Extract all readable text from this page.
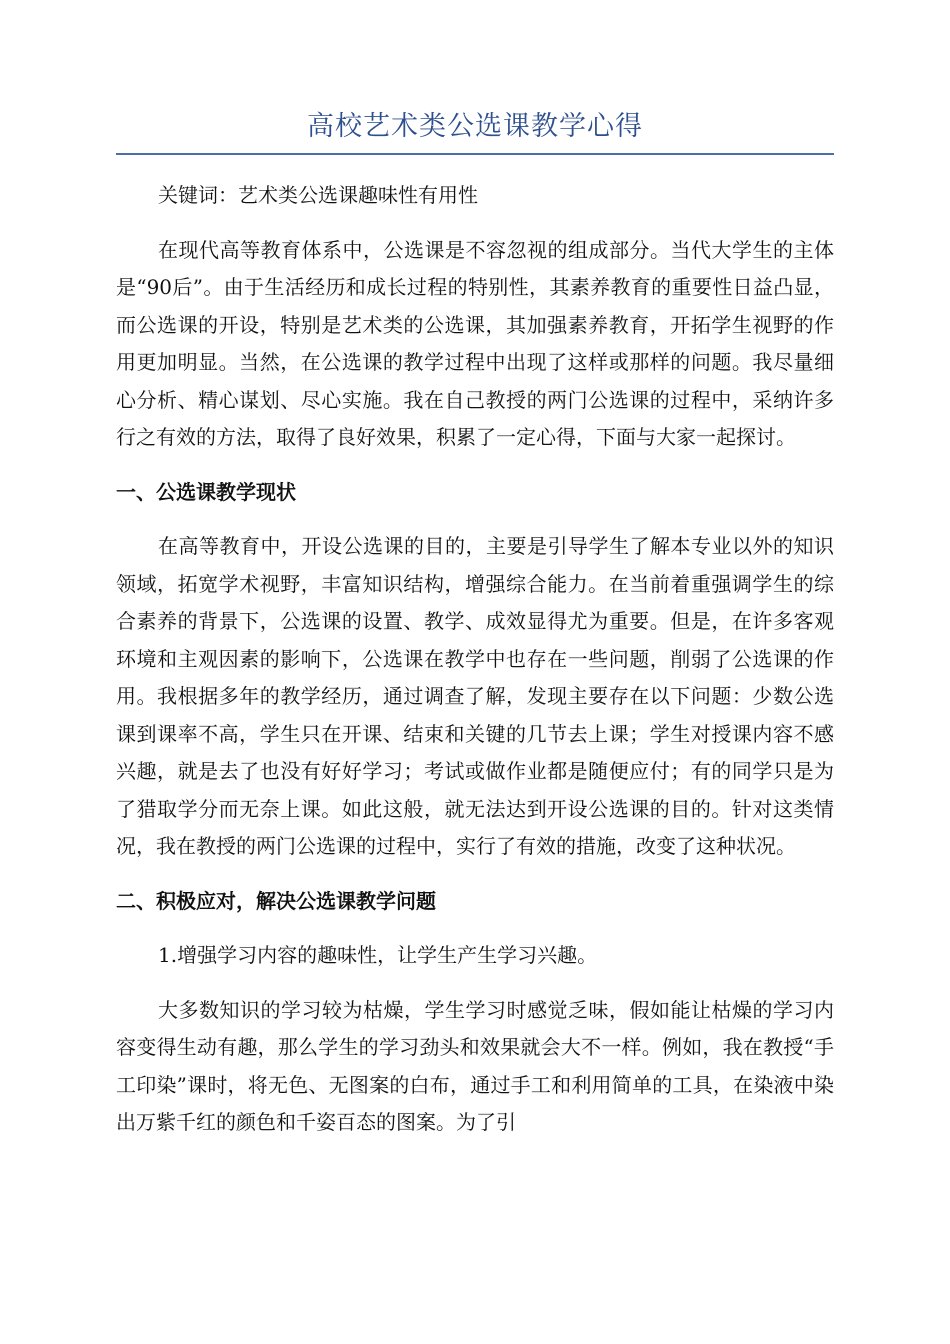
高校艺术类公选课教学心得

关键词：艺术类公选课趣味性有用性

在现代高等教育体系中，公选课是不容忽视的组成部分。当代大学生的主体是“90后”。由于生活经历和成长过程的特别性，其素养教育的重要性日益凸显，而公选课的开设，特别是艺术类的公选课，其加强素养教育，开拓学生视野的作用更加明显。当然，在公选课的教学过程中出现了这样或那样的问题。我尽量细心分析、精心谋划、尽心实施。我在自己教授的两门公选课的过程中，采纳许多行之有效的方法，取得了良好效果，积累了一定心得，下面与大家一起探讨。

一、公选课教学现状

在高等教育中，开设公选课的目的，主要是引导学生了解本专业以外的知识领域，拓宽学术视野，丰富知识结构，增强综合能力。在当前着重强调学生的综合素养的背景下，公选课的设置、教学、成效显得尤为重要。但是，在许多客观环境和主观因素的影响下，公选课在教学中也存在一些问题，削弱了公选课的作用。我根据多年的教学经历，通过调查了解，发现主要存在以下问题：少数公选课到课率不高，学生只在开课、结束和关键的几节去上课；学生对授课内容不感兴趣，就是去了也没有好好学习；考试或做作业都是随便应付；有的同学只是为了猎取学分而无奈上课。如此这般，就无法达到开设公选课的目的。针对这类情况，我在教授的两门公选课的过程中，实行了有效的措施，改变了这种状况。

二、积极应对，解决公选课教学问题

1.增强学习内容的趣味性，让学生产生学习兴趣。

大多数知识的学习较为枯燥，学生学习时感觉乏味，假如能让枯燥的学习内容变得生动有趣，那么学生的学习劲头和效果就会大不一样。例如，我在教授“手工印染”课时，将无色、无图案的白布，通过手工和利用简单的工具，在染液中染出万紫千红的颜色和千姿百态的图案。为了引
